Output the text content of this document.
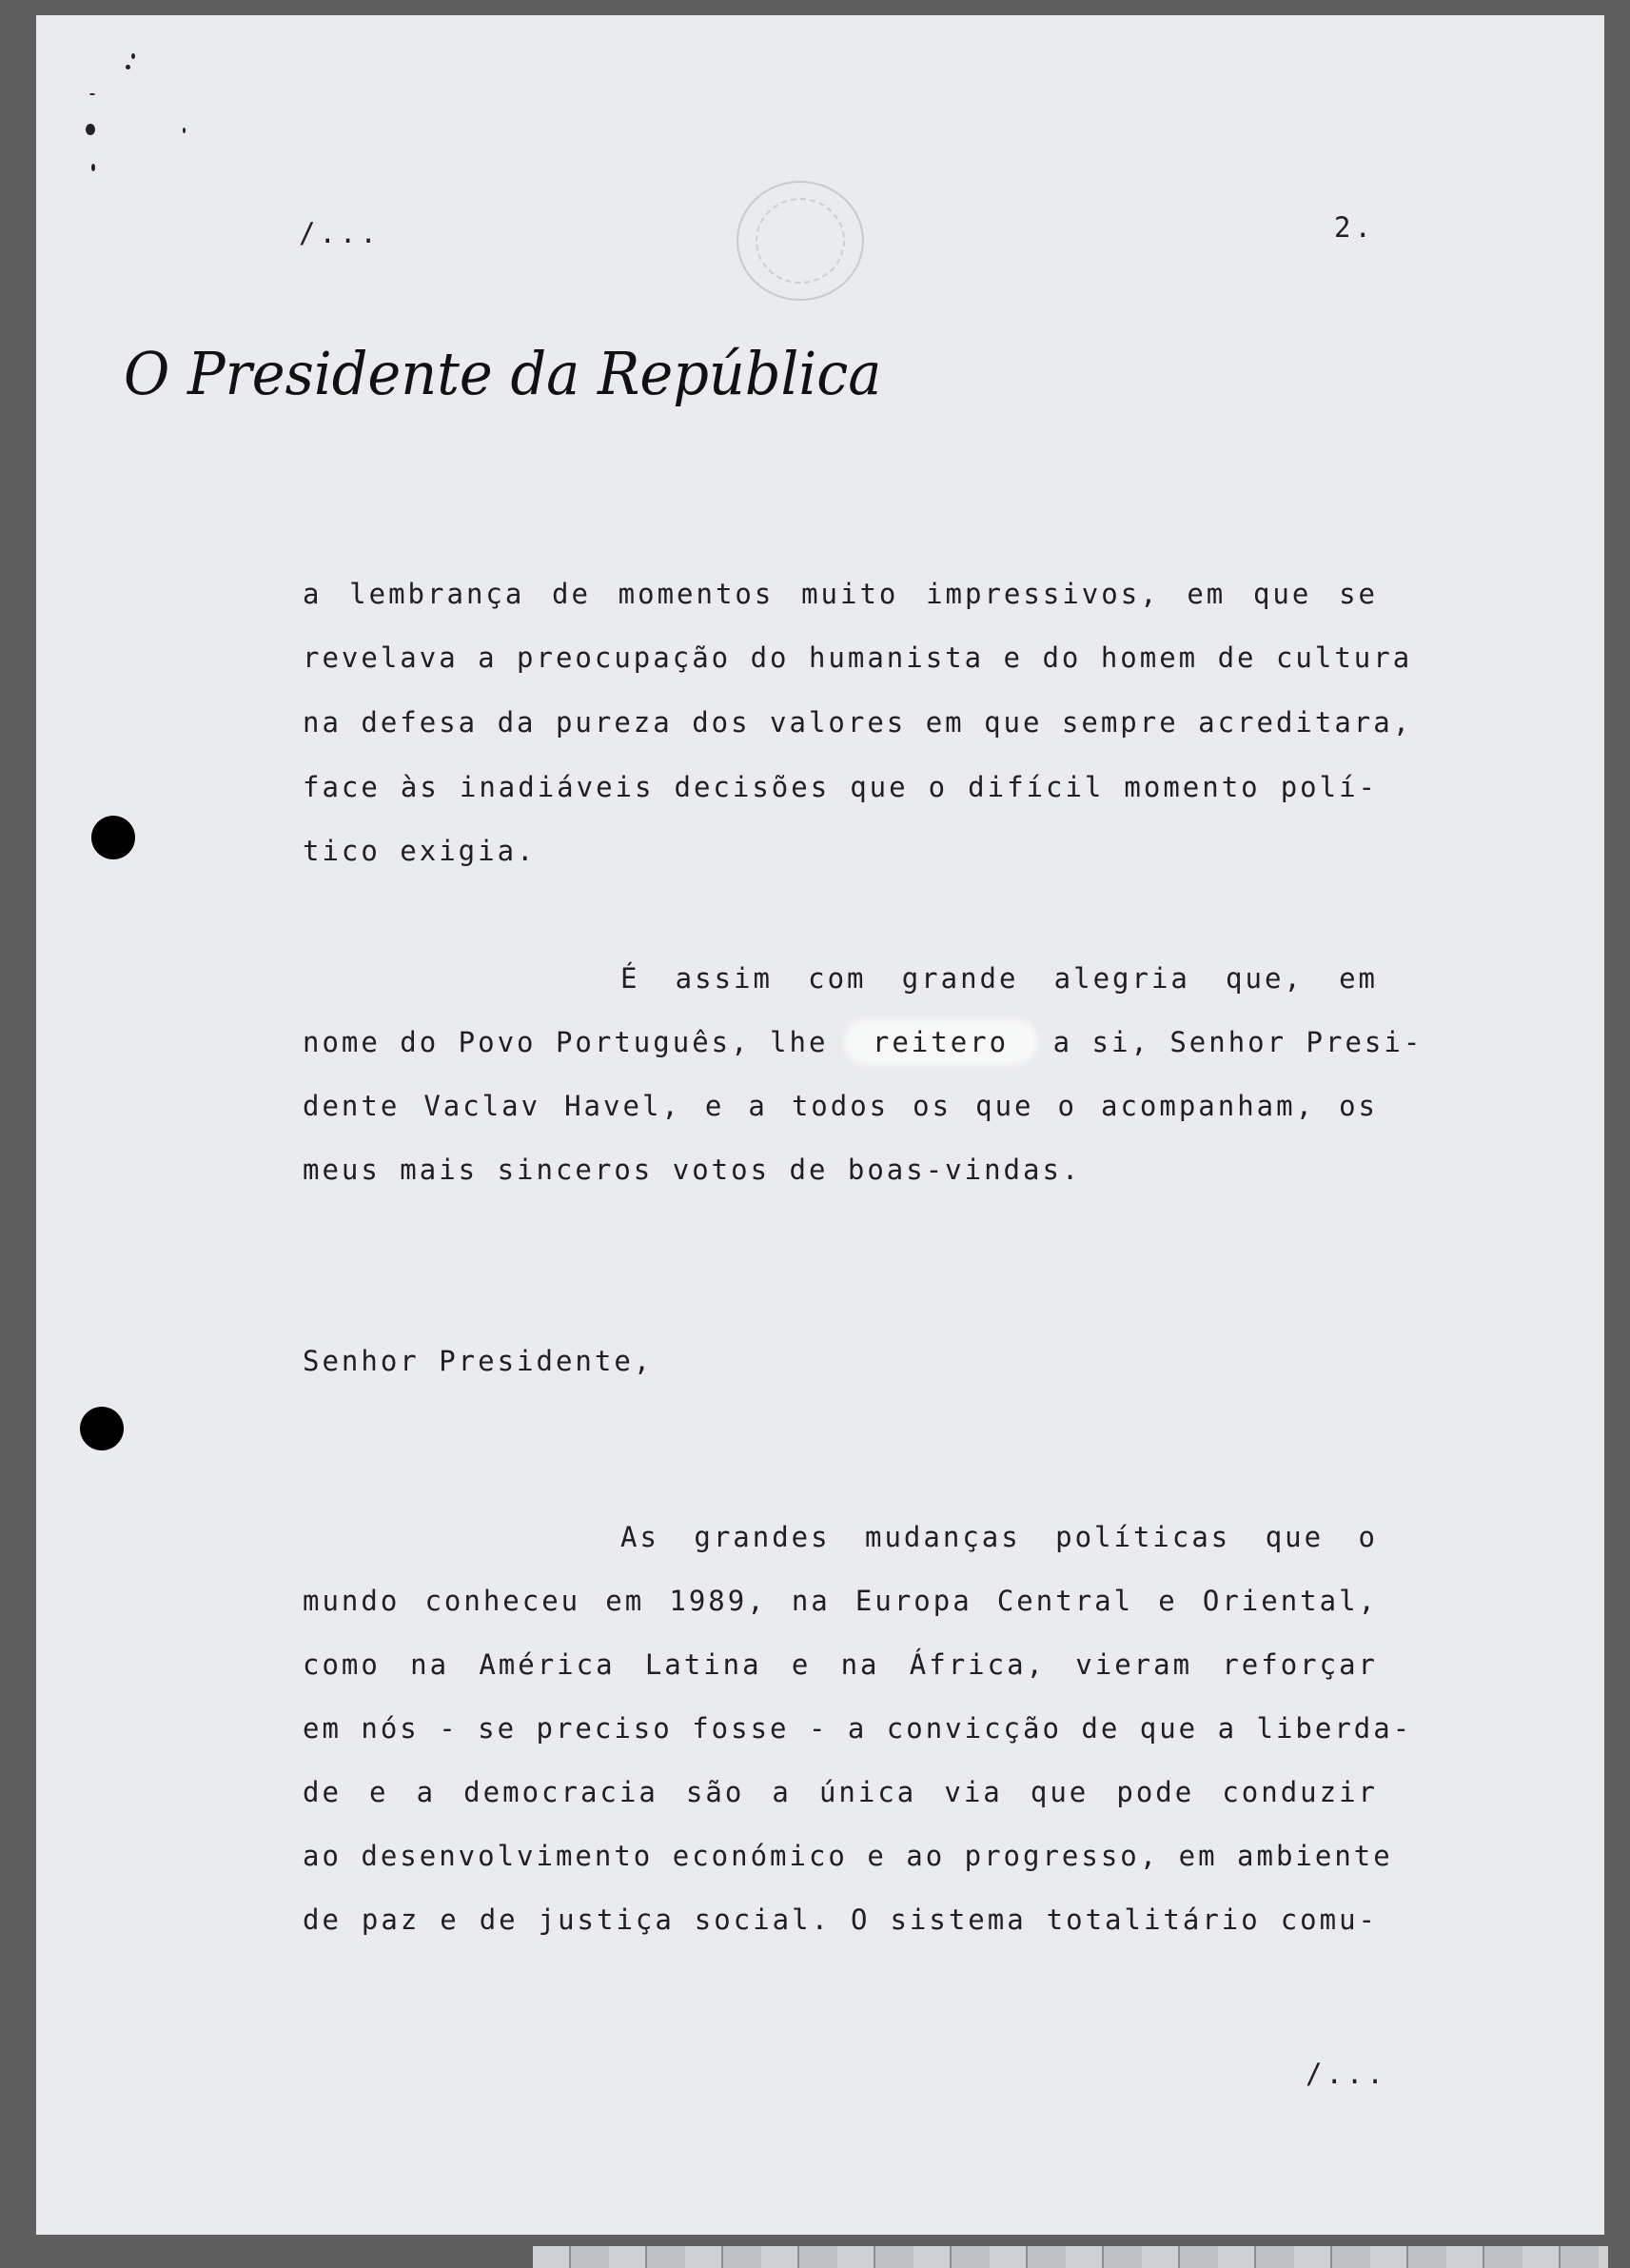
/...	2.

O Presidente da República

a lembrança de momentos muito impressivos, em que se

revelava a preocupação do humanista e do homem de cultura

na defesa da pureza dos valores em que sempre acreditara,

face às inadiáveis decisões que o difícil momento polí-

tico exigia.

É assim com grande alegria que, em

nome do Povo Português, lhe reitero a si, Senhor Presi-

dente Vaclav Havel, e a todos os que o acompanham, os

meus mais sinceros votos de boas-vindas.

Senhor Presidente,

As grandes mudanças políticas que o

mundo conheceu em 1989, na Europa Central e Oriental,

como na América Latina e na África, vieram reforçar

em nós - se preciso fosse - a convicção de que a liberda-

de e a democracia são a única via que pode conduzir

ao desenvolvimento económico e ao progresso, em ambiente

de paz e de justiça social. O sistema totalitário comu-

/...
